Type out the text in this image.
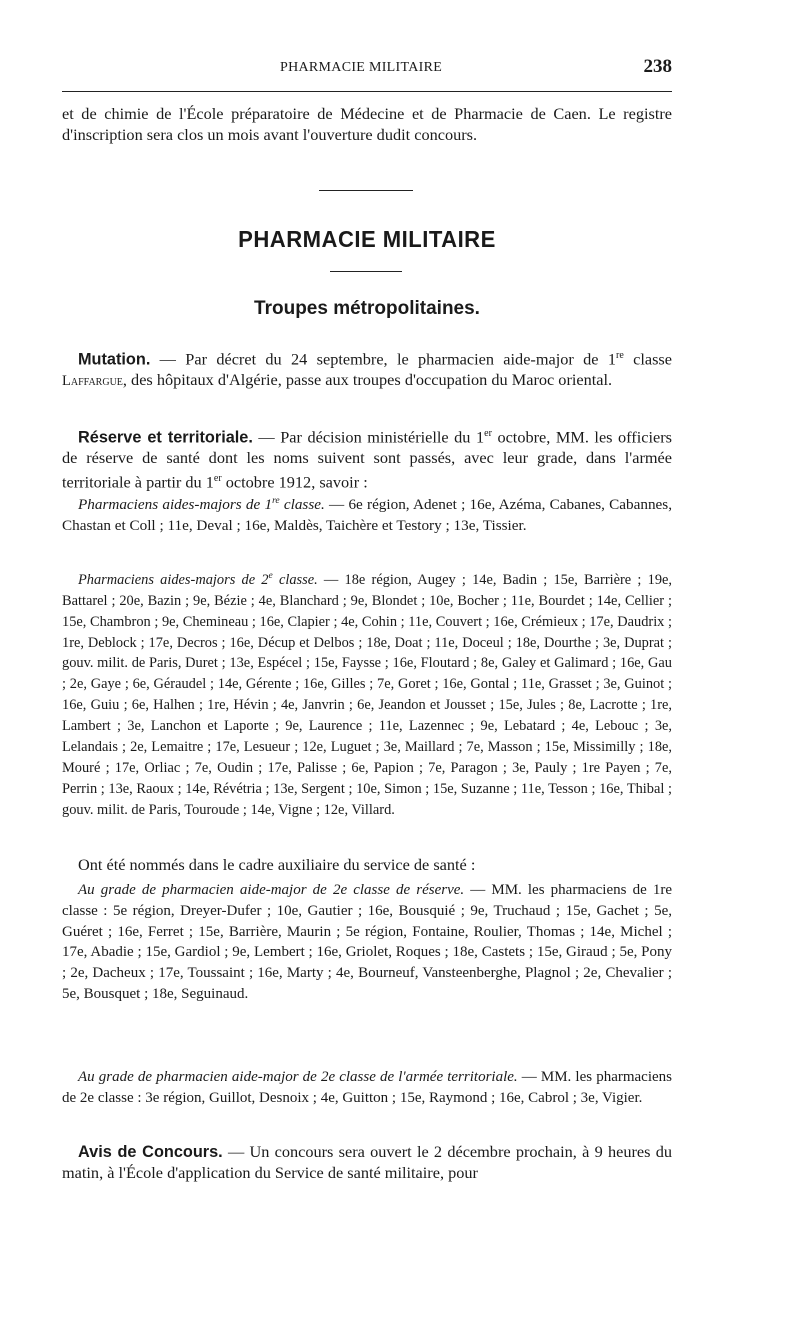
PHARMACIE MILITAIRE	238

et de chimie de l'École préparatoire de Médecine et de Pharmacie de Caen. Le registre d'inscription sera clos un mois avant l'ouverture dudit concours.

PHARMACIE MILITAIRE
Troupes métropolitaines.

Mutation. — Par décret du 24 septembre, le pharmacien aide-major de 1re classe Laffargue, des hôpitaux d'Algérie, passe aux troupes d'occupation du Maroc oriental.

Réserve et territoriale. — Par décision ministérielle du 1er octobre, MM. les officiers de réserve de santé dont les noms suivent sont passés, avec leur grade, dans l'armée territoriale à partir du 1er octobre 1912, savoir :

Pharmaciens aides-majors de 1re classe. — 6e région, Adenet ; 16e, Azéma, Cabanes, Cabannes, Chastan et Coll ; 11e, Deval ; 16e, Maldès, Taichère et Testory ; 13e, Tissier.

Pharmaciens aides-majors de 2e classe. — 18e région, Augey ; 14e, Badin ; 15e, Barrière ; 19e, Battarel ; 20e, Bazin ; 9e, Bézie ; 4e, Blanchard ; 9e, Blondet ; 10e, Bocher ; 11e, Bourdet ; 14e, Cellier ; 15e, Chambron ; 9e, Chemineau ; 16e, Clapier ; 4e, Cohin ; 11e, Couvert ; 16e, Crémieux ; 17e, Daudrix ; 1re, Deblock ; 17e, Decros ; 16e, Décup et Delbos ; 18e, Doat ; 11e, Doceul ; 18e, Dourthe ; 3e, Duprat ; gouv. milit. de Paris, Duret ; 13e, Espécel ; 15e, Faysse ; 16e, Floutard ; 8e, Galey et Galimard ; 16e, Gau ; 2e, Gaye ; 6e, Géraudel ; 14e, Gérente ; 16e, Gilles ; 7e, Goret ; 16e, Gontal ; 11e, Grasset ; 3e, Guinot ; 16e, Guiu ; 6e, Halhen ; 1re, Hévin ; 4e, Janvrin ; 6e, Jeandon et Jousset ; 15e, Jules ; 8e, Lacrotte ; 1re, Lambert ; 3e, Lanchon et Laporte ; 9e, Laurence ; 11e, Lazennec ; 9e, Lebatard ; 4e, Lebouc ; 3e, Lelandais ; 2e, Lemaitre ; 17e, Lesueur ; 12e, Luguet ; 3e, Maillard ; 7e, Masson ; 15e, Missimilly ; 18e, Mouré ; 17e, Orliac ; 7e, Oudin ; 17e, Palisse ; 6e, Papion ; 7e, Paragon ; 3e, Pauly ; 1re Payen ; 7e, Perrin ; 13e, Raoux ; 14e, Révétria ; 13e, Sergent ; 10e, Simon ; 15e, Suzanne ; 11e, Tesson ; 16e, Thibal ; gouv. milit. de Paris, Touroude ; 14e, Vigne ; 12e, Villard.

Ont été nommés dans le cadre auxiliaire du service de santé :

Au grade de pharmacien aide-major de 2e classe de réserve. — MM. les pharmaciens de 1re classe : 5e région, Dreyer-Dufer ; 10e, Gautier ; 16e, Bousquié ; 9e, Truchaud ; 15e, Gachet ; 5e, Guéret ; 16e, Ferret ; 15e, Barrière, Maurin ; 5e région, Fontaine, Roulier, Thomas ; 14e, Michel ; 17e, Abadie ; 15e, Gardiol ; 9e, Lembert ; 16e, Griolet, Roques ; 18e, Castets ; 15e, Giraud ; 5e, Pony ; 2e, Dacheux ; 17e, Toussaint ; 16e, Marty ; 4e, Bourneuf, Vansteenberghe, Plagnol ; 2e, Chevalier ; 5e, Bousquet ; 18e, Seguinaud.

Au grade de pharmacien aide-major de 2e classe de l'armée territoriale. — MM. les pharmaciens de 2e classe : 3e région, Guillot, Desnoix ; 4e, Guitton ; 15e, Raymond ; 16e, Cabrol ; 3e, Vigier.

Avis de Concours. — Un concours sera ouvert le 2 décembre prochain, à 9 heures du matin, à l'École d'application du Service de santé militaire, pour
